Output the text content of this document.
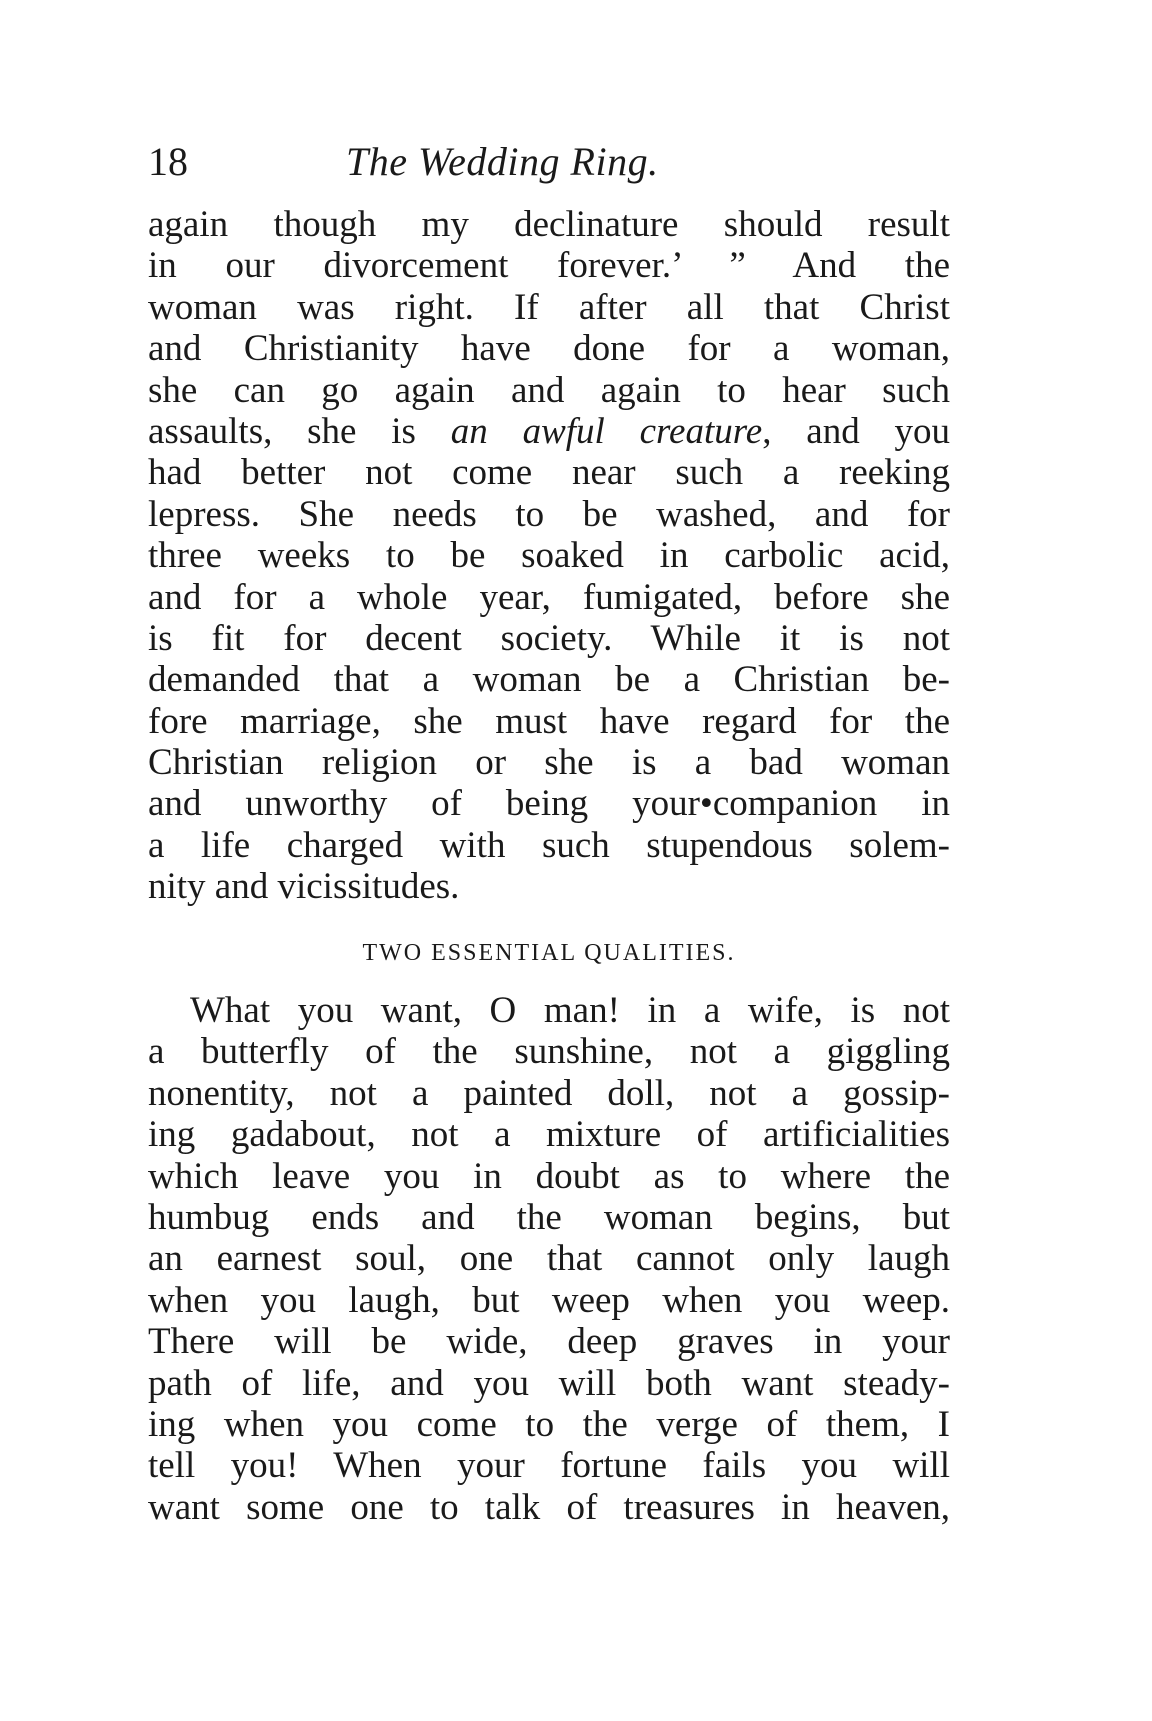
18	The Wedding Ring.
again though my declinature should result
in our divorcement forever.’ ” And the
woman was right. If after all that Christ
and Christianity have done for a woman,
she can go again and again to hear such
assaults, she is an awful creature, and you
had better not come near such a reeking
lepress. She needs to be washed, and for
three weeks to be soaked in carbolic acid,
and for a whole year, fumigated, before she
is fit for decent society. While it is not
demanded that a woman be a Christian be-
fore marriage, she must have regard for the
Christian religion or she is a bad woman
and unworthy of being your•companion in
a life charged with such stupendous solem-
nity and vicissitudes.
TWO ESSENTIAL QUALITIES.
What you want, O man! in a wife, is not
a butterfly of the sunshine, not a giggling
nonentity, not a painted doll, not a gossip-
ing gadabout, not a mixture of artificialities
which leave you in doubt as to where the
humbug ends and the woman begins, but
an earnest soul, one that cannot only laugh
when you laugh, but weep when you weep.
There will be wide, deep graves in your
path of life, and you will both want steady-
ing when you come to the verge of them, I
tell you! When your fortune fails you will
want some one to talk of treasures in heaven,
